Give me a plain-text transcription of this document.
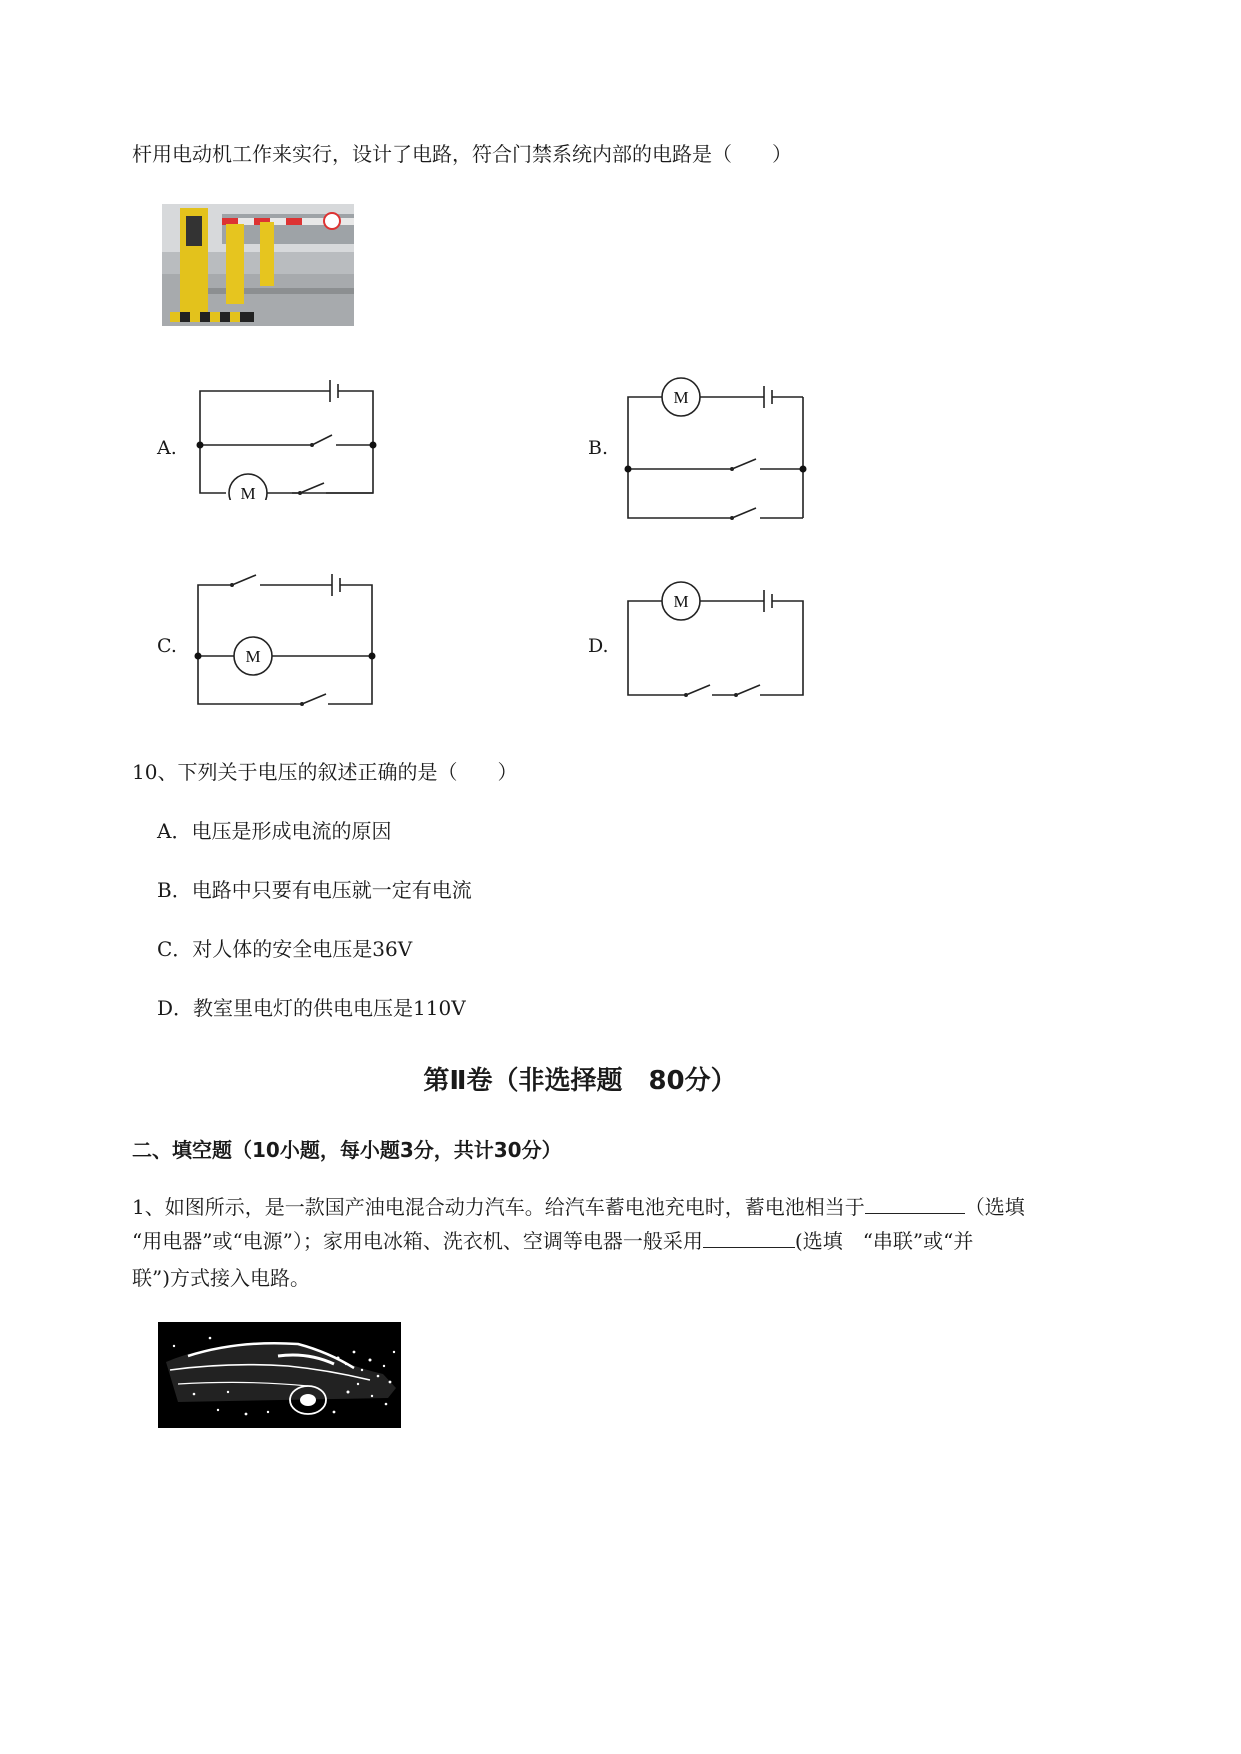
杆用电动机工作来实行，设计了电路，符合门禁系统内部的电路是（　　）
A.
M
B.
M
C.	M	D.
M
10、下列关于电压的叙述正确的是（　　）
A．电压是形成电流的原因
B．电路中只要有电压就一定有电流
C．对人体的安全电压是36V
D．教室里电灯的供电电压是110V
第Ⅱ卷（非选择题　80分）
二、填空题（10小题，每小题3分，共计30分）
1、如图所示，是一款国产油电混合动力汽车。给汽车蓄电池充电时，蓄电池相当于	（选填
“用电器”或“电源”）；家用电冰箱、洗衣机、空调等电器一般采用	(选填　“串联”或“并
联”)方式接入电路。
